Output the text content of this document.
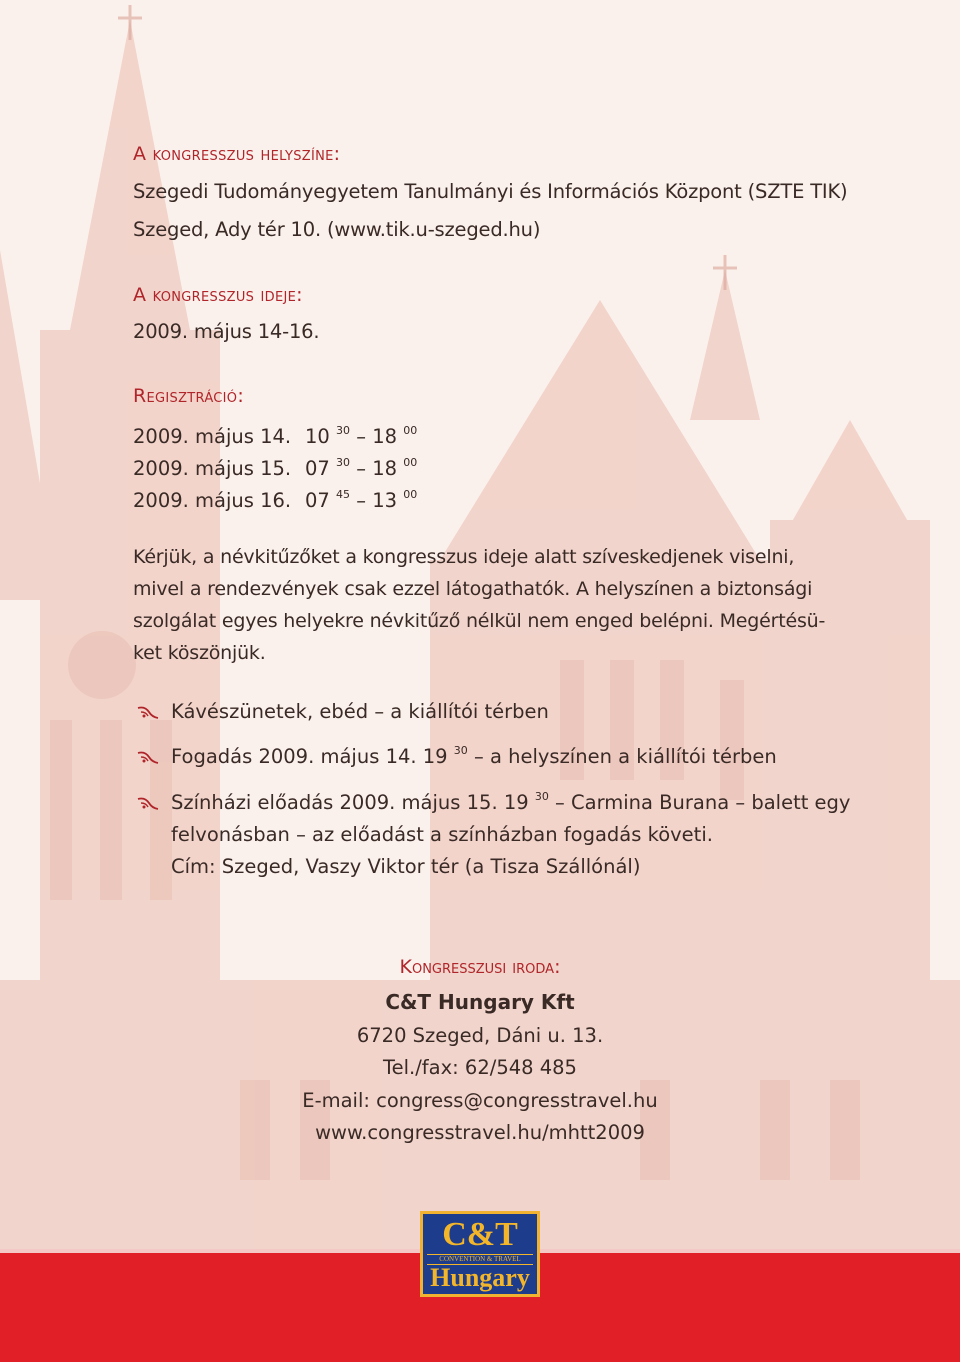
A kongresszus helyszíne:
Szegedi Tudományegyetem Tanulmányi és Információs Központ (SZTE TIK)
Szeged, Ady tér 10. (www.tik.u-szeged.hu)
A kongresszus ideje:
2009. május 14-16.
Regisztráció:
2009. május 14. 10 $^{30}$ – 18 $^{00}$
2009. május 15. 07 $^{30}$ – 18 $^{00}$
2009. május 16. 07 $^{45}$ – 13 $^{00}$
Kérjük, a névkitűzőket a kongresszus ideje alatt szíveskedjenek viselni,
mivel a rendezvények csak ezzel látogathatók. A helyszínen a biztonsági
szolgálat egyes helyekre névkitűző nélkül nem enged belépni. Megértésü-
ket köszönjük.
Kávészünetek, ebéd – a kiállítói térben
Fogadás 2009. május 14. 19 $^{30}$ – a helyszínen a kiállítói térben
Színházi előadás 2009. május 15. 19 $^{30}$ – Carmina Burana – balett egy
felvonásban – az előadást a színházban fogadás követi.
Cím: Szeged, Vaszy Viktor tér (a Tisza Szállónál)
Kongresszusi iroda:
C&T Hungary Kft
6720 Szeged, Dáni u. 13.
Tel./fax: 62/548 485
E-mail: congress@congresstravel.hu
www.congresstravel.hu/mhtt2009
C&T
CONVENTION & TRAVEL
Hungary
